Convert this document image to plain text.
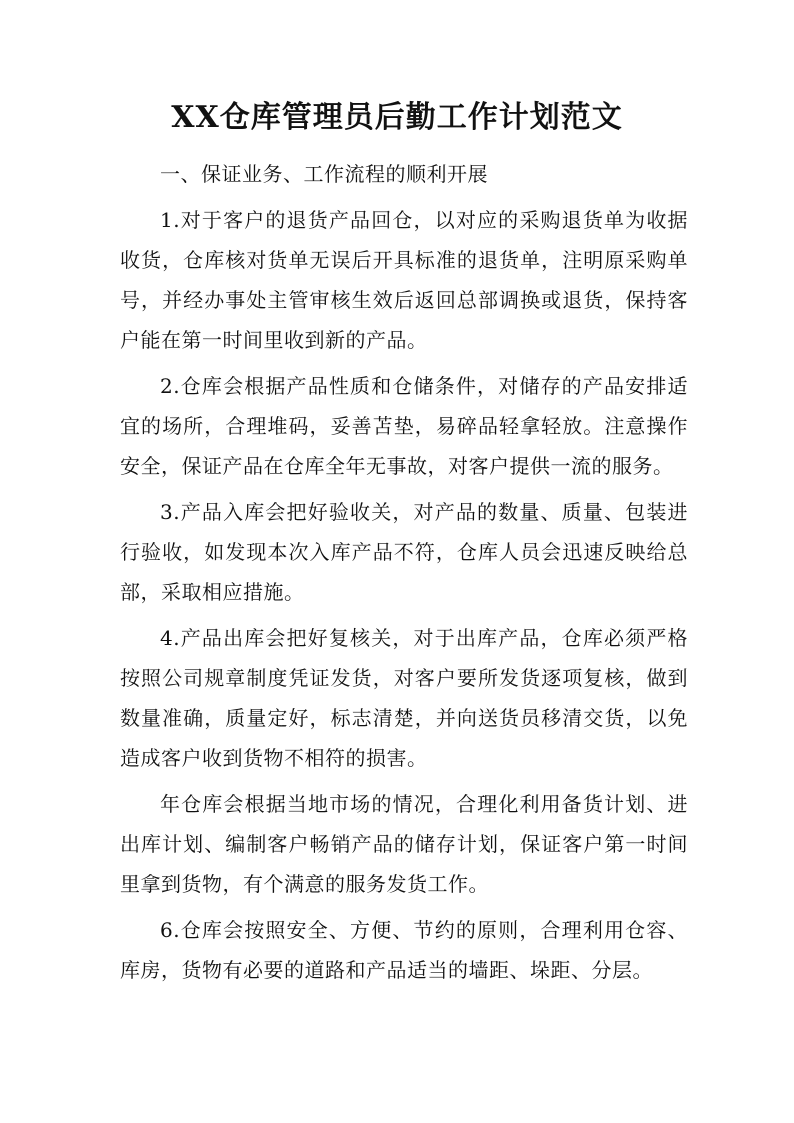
XX仓库管理员后勤工作计划范文

一、保证业务、工作流程的顺利开展

1.对于客户的退货产品回仓，以对应的采购退货单为收据收货，仓库核对货单无误后开具标准的退货单，注明原采购单号，并经办事处主管审核生效后返回总部调换或退货，保持客户能在第一时间里收到新的产品。

2.仓库会根据产品性质和仓储条件，对储存的产品安排适宜的场所，合理堆码，妥善苫垫，易碎品轻拿轻放。注意操作安全，保证产品在仓库全年无事故，对客户提供一流的服务。

3.产品入库会把好验收关，对产品的数量、质量、包装进行验收，如发现本次入库产品不符，仓库人员会迅速反映给总部，采取相应措施。

4.产品出库会把好复核关，对于出库产品，仓库必须严格按照公司规章制度凭证发货，对客户要所发货逐项复核，做到数量准确，质量定好，标志清楚，并向送货员移清交货，以免造成客户收到货物不相符的损害。

年仓库会根据当地市场的情况，合理化利用备货计划、进出库计划、编制客户畅销产品的储存计划，保证客户第一时间里拿到货物，有个满意的服务发货工作。

6.仓库会按照安全、方便、节约的原则，合理利用仓容、库房，货物有必要的道路和产品适当的墙距、垛距、分层。
